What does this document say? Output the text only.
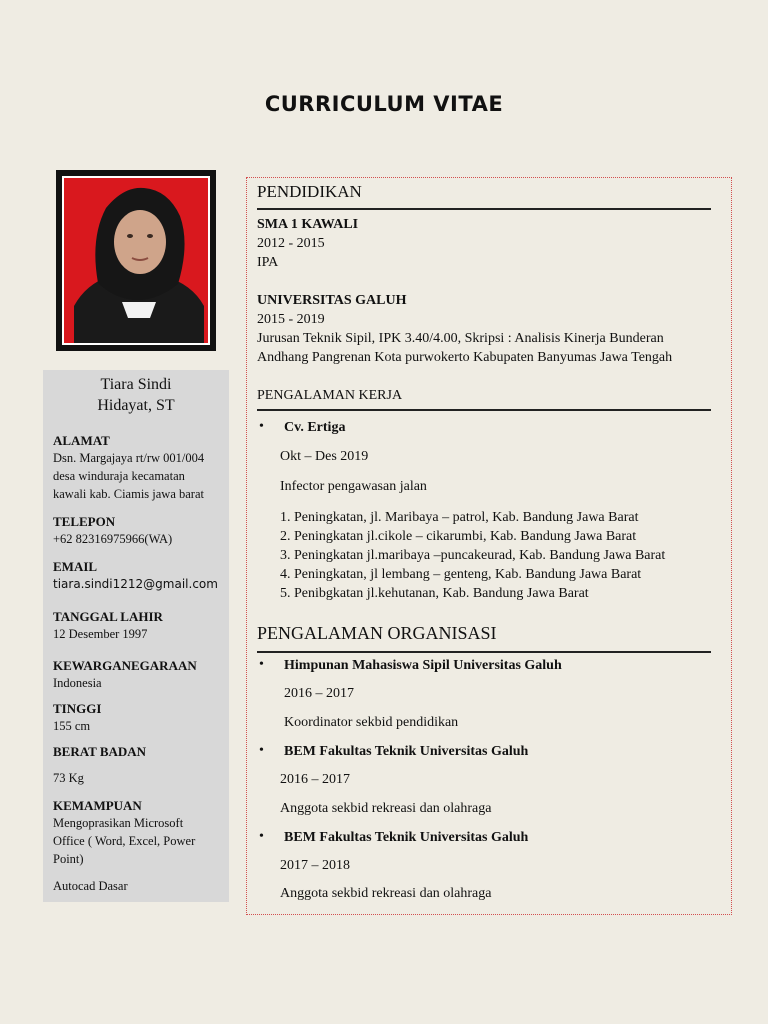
CURRICULUM VITAE
Tiara Sindi
Hidayat, ST
ALAMAT
Dsn. Margajaya rt/rw 001/004
desa winduraja kecamatan
kawali kab. Ciamis jawa barat
TELEPON
+62 82316975966(WA)
EMAIL
tiara.sindi1212@gmail.com
TANGGAL LAHIR
12 Desember 1997
KEWARGANEGARAAN
Indonesia
TINGGI
155 cm
BERAT BADAN
73 Kg
KEMAMPUAN
Mengoprasikan Microsoft
Office ( Word, Excel, Power
Point)
Autocad Dasar
PENDIDIKAN
SMA 1 KAWALI
2012 - 2015
IPA
UNIVERSITAS GALUH
2015 - 2019
Jurusan Teknik Sipil, IPK 3.40/4.00, Skripsi : Analisis Kinerja Bunderan
Andhang Pangrenan Kota purwokerto Kabupaten Banyumas Jawa Tengah
PENGALAMAN KERJA
• Cv. Ertiga
Okt – Des 2019
Infector pengawasan jalan
1. Peningkatan, jl. Maribaya – patrol, Kab. Bandung Jawa Barat
2. Peningkatan jl.cikole – cikarumbi, Kab. Bandung Jawa Barat
3. Peningkatan jl.maribaya –puncakeurad, Kab. Bandung Jawa Barat
4. Peningkatan, jl lembang – genteng, Kab. Bandung Jawa Barat
5. Penibgkatan jl.kehutanan, Kab. Bandung Jawa Barat
PENGALAMAN ORGANISASI
• Himpunan Mahasiswa Sipil Universitas Galuh
2016 – 2017
Koordinator sekbid pendidikan
• BEM Fakultas Teknik Universitas Galuh
2016 – 2017
Anggota sekbid rekreasi dan olahraga
• BEM Fakultas Teknik Universitas Galuh
2017 – 2018
Anggota sekbid rekreasi dan olahraga
